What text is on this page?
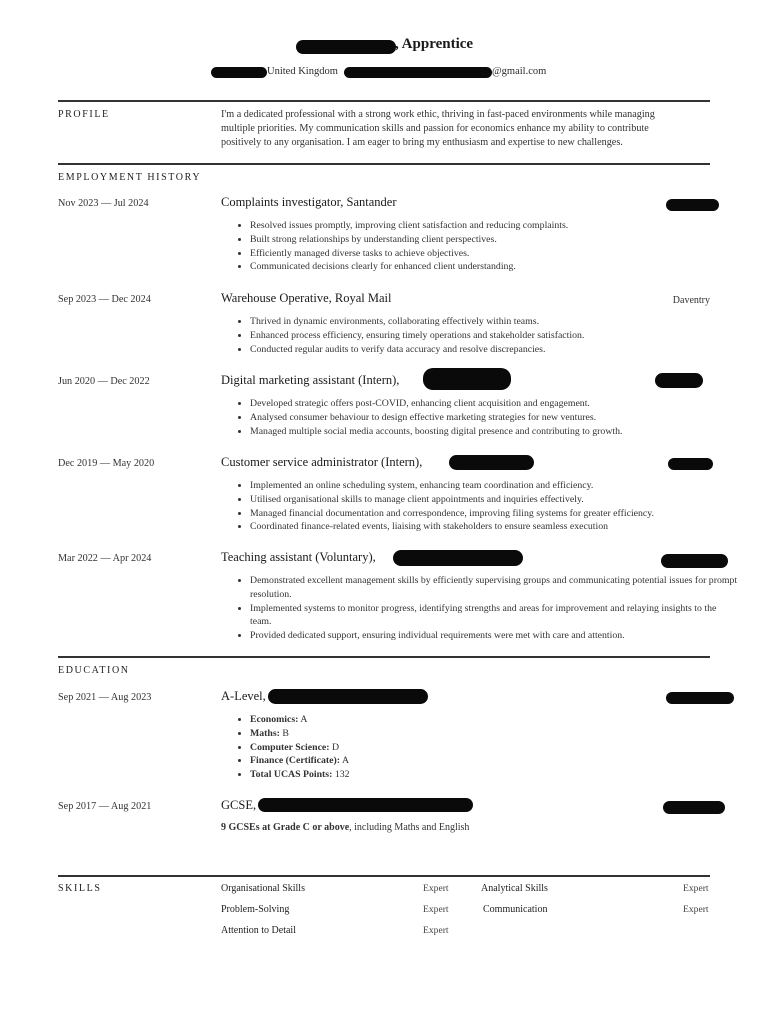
, Apprentice
United Kingdom	@gmail.com
PROFILE	I'm a dedicated professional with a strong work ethic, thriving in fast-paced environments while managing
multiple priorities. My communication skills and passion for economics enhance my ability to contribute
positively to any organisation. I am eager to bring my enthusiasm and expertise to new challenges.
EMPLOYMENT HISTORY
Nov 2023 — Jul 2024	Complaints investigator, Santander
• Resolved issues promptly, improving client satisfaction and reducing complaints.
• Built strong relationships by understanding client perspectives.
• Efficiently managed diverse tasks to achieve objectives.
• Communicated decisions clearly for enhanced client understanding.
Sep 2023 — Dec 2024	Warehouse Operative, Royal Mail	Daventry
• Thrived in dynamic environments, collaborating effectively within teams.
• Enhanced process efficiency, ensuring timely operations and stakeholder satisfaction.
• Conducted regular audits to verify data accuracy and resolve discrepancies.
Jun 2020 — Dec 2022	Digital marketing assistant (Intern),
• Developed strategic offers post-COVID, enhancing client acquisition and engagement.
• Analysed consumer behaviour to design effective marketing strategies for new ventures.
• Managed multiple social media accounts, boosting digital presence and contributing to growth.
Dec 2019 — May 2020	Customer service administrator (Intern),
• Implemented an online scheduling system, enhancing team coordination and efficiency.
• Utilised organisational skills to manage client appointments and inquiries effectively.
• Managed financial documentation and correspondence, improving filing systems for greater efficiency.
• Coordinated finance-related events, liaising with stakeholders to ensure seamless execution
Mar 2022 — Apr 2024	Teaching assistant (Voluntary),
• Demonstrated excellent management skills by efficiently supervising groups and communicating potential issues for prompt resolution.
• Implemented systems to monitor progress, identifying strengths and areas for improvement and relaying insights to the team.
• Provided dedicated support, ensuring individual requirements were met with care and attention.
EDUCATION
Sep 2021 — Aug 2023	A-Level,
• Economics: A
• Maths: B
• Computer Science: D
• Finance (Certificate): A
• Total UCAS Points: 132
Sep 2017 — Aug 2021	GCSE,
9 GCSEs at Grade C or above, including Maths and English
SKILLS	Organisational Skills	Expert	Analytical Skills	Expert
Problem-Solving	Expert	Communication	Expert
Attention to Detail	Expert
